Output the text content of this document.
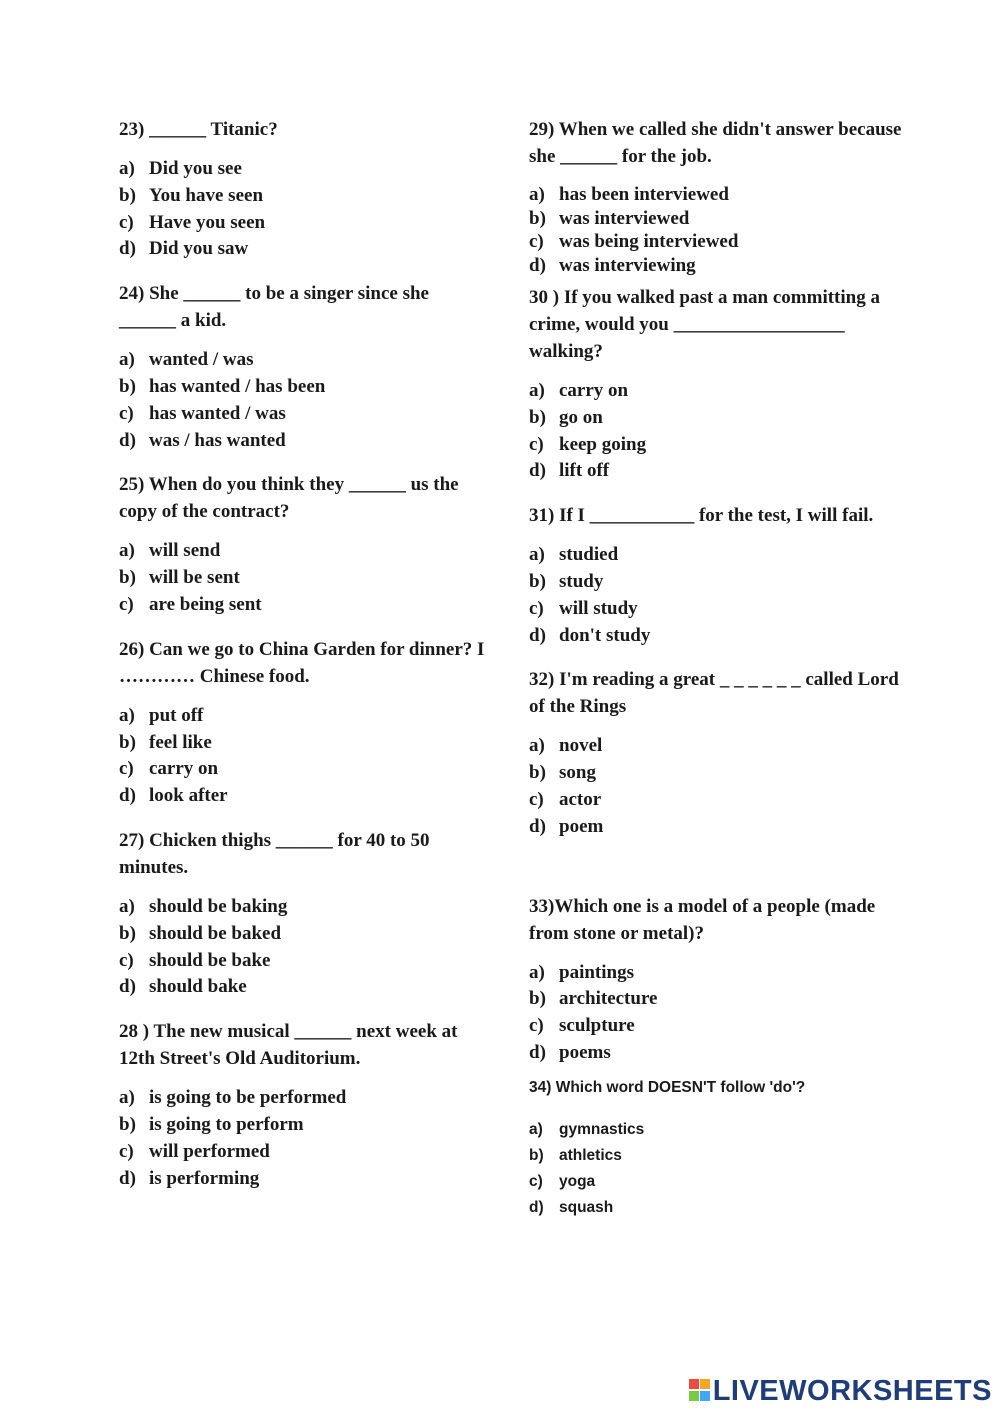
23) ______ Titanic?

a) Did you see
b) You have seen
c) Have you seen
d) Did you saw

24) She ______ to be a singer since she ______ a kid.

a) wanted / was
b) has wanted / has been
c) has wanted / was
d) was / has wanted

25) When do you think they ______ us the copy of the contract?

a) will send
b) will be sent
c) are being sent

26) Can we go to China Garden for dinner? I ………… Chinese food.

a) put off
b) feel like
c) carry on
d) look after

27) Chicken thighs ______ for 40 to 50 minutes.

a) should be baking
b) should be baked
c) should be bake
d) should bake

28 ) The new musical ______ next week at 12th Street's Old Auditorium.

a) is going to be performed
b) is going to perform
c) will performed
d) is performing

29) When we called she didn't answer because she ______ for the job.

a) has been interviewed
b) was interviewed
c) was being interviewed
d) was interviewing

30 ) If you walked past a man committing a crime, would you __________________ walking?

a) carry on
b) go on
c) keep going
d) lift off

31) If I ___________ for the test, I will fail.

a) studied
b) study
c) will study
d) don't study

32) I'm reading a great _ _ _ _ _ _ called Lord of the Rings

a) novel
b) song
c) actor
d) poem

33)Which one is a model of a people (made from stone or metal)?

a) paintings
b) architecture
c) sculpture
d) poems

34) Which word DOESN'T follow 'do'?

a)	gymnastics
b) athletics
c)	yoga
d) squash
LIVEWORKSHEETS
